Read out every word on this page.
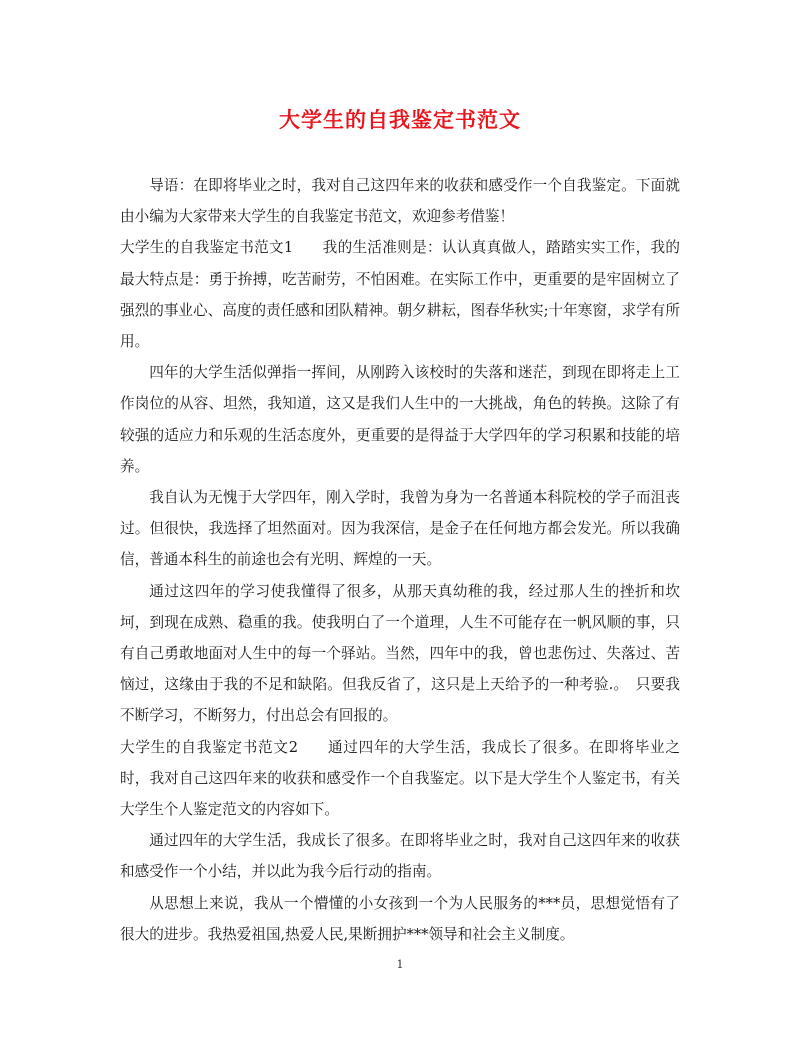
大学生的自我鉴定书范文

导语：在即将毕业之时，我对自己这四年来的收获和感受作一个自我鉴定。下面就由小编为大家带来大学生的自我鉴定书范文，欢迎参考借鉴！

大学生的自我鉴定书范文1 我的生活准则是：认认真真做人，踏踏实实工作，我的最大特点是：勇于拚搏，吃苦耐劳，不怕困难。在实际工作中，更重要的是牢固树立了强烈的事业心、高度的责任感和团队精神。朝夕耕耘，图春华秋实;十年寒窗，求学有所用。

四年的大学生活似弹指一挥间，从刚跨入该校时的失落和迷茫，到现在即将走上工作岗位的从容、坦然，我知道，这又是我们人生中的一大挑战，角色的转换。这除了有较强的适应力和乐观的生活态度外，更重要的是得益于大学四年的学习积累和技能的培养。

我自认为无愧于大学四年，刚入学时，我曾为身为一名普通本科院校的学子而沮丧过。但很快，我选择了坦然面对。因为我深信，是金子在任何地方都会发光。所以我确信，普通本科生的前途也会有光明、辉煌的一天。

通过这四年的学习使我懂得了很多，从那天真幼稚的我，经过那人生的挫折和坎坷，到现在成熟、稳重的我。使我明白了一个道理，人生不可能存在一帆风顺的事，只有自己勇敢地面对人生中的每一个驿站。当然，四年中的我，曾也悲伤过、失落过、苦恼过，这缘由于我的不足和缺陷。但我反省了，这只是上天给予的一种考验.。　只要我不断学习，不断努力，付出总会有回报的。

大学生的自我鉴定书范文2 通过四年的大学生活，我成长了很多。在即将毕业之时，我对自己这四年来的收获和感受作一个自我鉴定。以下是大学生个人鉴定书，有关大学生个人鉴定范文的内容如下。

通过四年的大学生活，我成长了很多。在即将毕业之时，我对自己这四年来的收获和感受作一个小结，并以此为我今后行动的指南。

从思想上来说，我从一个懵懂的小女孩到一个为人民服务的***员，思想觉悟有了很大的进步。我热爱祖国,热爱人民,果断拥护***领导和社会主义制度。

1
